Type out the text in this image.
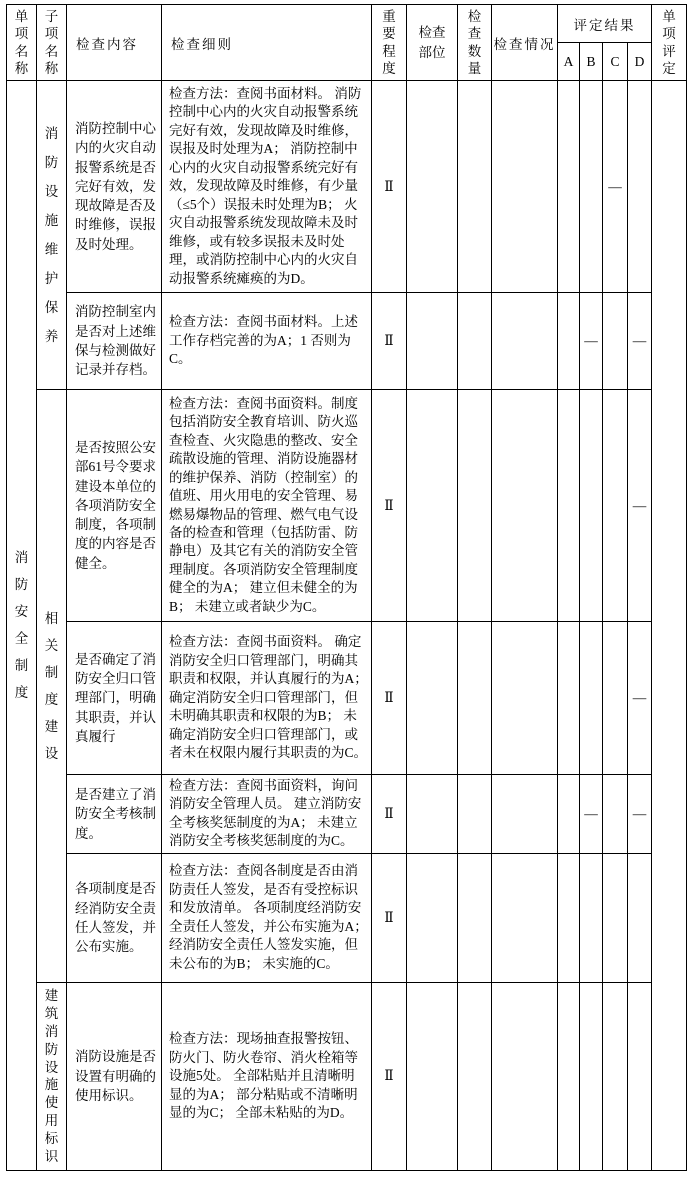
单项名称	子项名称	检查内容	检查细则	重要程度	检查部位	检查数量	检查情况	评定结果				单项评定
								A	B	C	D	
消防安全制度	消防设施维护保养	消防控制中心内的火灾自动报警系统是否完好有效，发现故障是否及时维修，误报及时处理。	检查方法：查阅书面材料。 消防控制中心内的火灾自动报警系统完好有效，发现故障及时维修，误报及时处理为A； 消防控制中心内的火灾自动报警系统完好有效，发现故障及时维修，有少量（≤5个）误报未时处理为B； 火灾自动报警系统发现故障未及时维修，或有较多误报未及时处理，或消防控制中心内的火灾自动报警系统瘫痪的为D。	Ⅱ						—		
		消防控制室内是否对上述维保与检测做好记录并存档。	检查方法：查阅书面材料。上述工作存档完善的为A；1 否则为C。	Ⅱ					—		—	
	相关制度建设	是否按照公安部61号令要求建设本单位的各项消防安全制度，各项制度的内容是否健全。	检查方法：查阅书面资料。制度包括消防安全教育培训、防火巡查检查、火灾隐患的整改、安全疏散设施的管理、消防设施器材的维护保养、消防（控制室）的值班、用火用电的安全管理、易燃易爆物品的管理、燃气电气设备的检查和管理（包括防雷、防静电）及其它有关的消防安全管理制度。各项消防安全管理制度健全的为A； 建立但未健全的为B； 未建立或者缺少为C。	Ⅱ							—	
		是否确定了消防安全归口管理部门，明确其职责，并认真履行	检查方法：查阅书面资料。 确定消防安全归口管理部门，明确其职责和权限，并认真履行的为A； 确定消防安全归口管理部门，但未明确其职责和权限的为B； 未确定消防安全归口管理部门，或者未在权限内履行其职责的为C。	Ⅱ							—	
		是否建立了消防安全考核制度。	检查方法：查阅书面资料，询问消防安全管理人员。 建立消防安全考核奖惩制度的为A； 未建立消防安全考核奖惩制度的为C。	Ⅱ					—		—	
		各项制度是否经消防安全责任人签发，并公布实施。	检查方法：查阅各制度是否由消防责任人签发，是否有受控标识和发放清单。 各项制度经消防安全责任人签发，并公布实施为A； 经消防安全责任人签发实施，但未公布的为B； 未实施的C。	Ⅱ								
	建筑消防设施使用标识	消防设施是否设置有明确的使用标识。	检查方法：现场抽查报警按钮、防火门、防火卷帘、消火栓箱等设施5处。 全部粘贴并且清晰明显的为A； 部分粘贴或不清晰明显的为C； 全部未粘贴的为D。	Ⅱ								
